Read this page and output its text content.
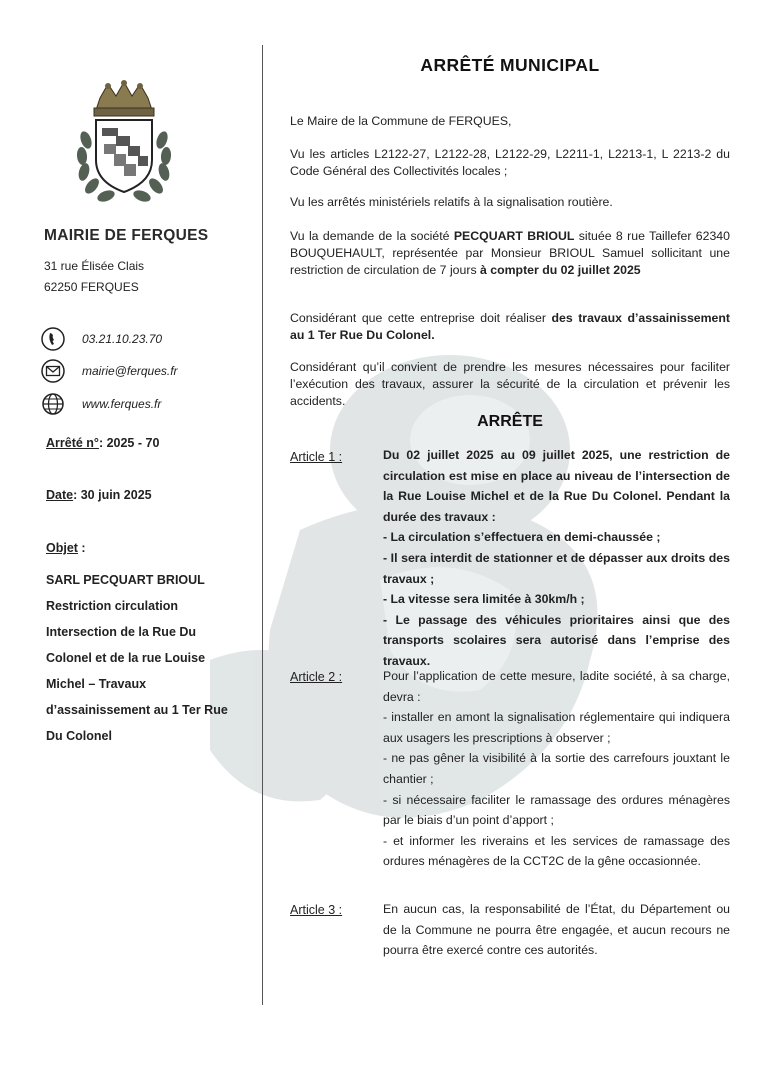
MAIRIE DE FERQUES
31 rue Élisée Clais
62250 FERQUES
03.21.10.23.70
mairie@ferques.fr
www.ferques.fr
Arrêté n°: 2025 - 70
Date: 30 juin 2025
Objet :
SARL PECQUART BRIOUL
Restriction circulation
Intersection de la Rue Du
Colonel et de la rue Louise
Michel – Travaux
d’assainissement au 1 Ter Rue
Du Colonel
ARRÊTÉ MUNICIPAL
Le Maire de la Commune de FERQUES,
Vu les articles L2122-27, L2122-28, L2122-29, L2211-1, L2213-1, L 2213-2 du Code Général des Collectivités locales ;
Vu les arrêtés ministériels relatifs à la signalisation routière.
Vu la demande de la société PECQUART BRIOUL située 8 rue Taillefer 62340 BOUQUEHAULT, représentée par Monsieur BRIOUL Samuel sollicitant une restriction de circulation de 7 jours à compter du 02 juillet 2025
Considérant que cette entreprise doit réaliser des travaux d’assainissement au 1 Ter Rue Du Colonel.
Considérant qu’il convient de prendre les mesures nécessaires pour faciliter l’exécution des travaux, assurer la sécurité de la circulation et prévenir les accidents.
ARRÊTE
Article 1 :	Du 02 juillet 2025 au 09 juillet 2025, une restriction de circulation est mise en place au niveau de l’intersection de la Rue Louise Michel et de la Rue Du Colonel. Pendant la durée des travaux :

- La circulation s’effectuera en demi-chaussée ;

- Il sera interdit de stationner et de dépasser aux droits des travaux ;

- La vitesse sera limitée à 30km/h ;

- Le passage des véhicules prioritaires ainsi que des transports scolaires sera autorisé dans l’emprise des travaux.

Article 2 :	Pour l’application de cette mesure, ladite société, à sa charge, devra :

- installer en amont la signalisation réglementaire qui indiquera aux usagers les prescriptions à observer ;

- ne pas gêner la visibilité à la sortie des carrefours jouxtant le chantier ;

- si nécessaire faciliter le ramassage des ordures ménagères par le biais d’un point d’apport ;

- et informer les riverains et les services de ramassage des ordures ménagères de la CCT2C de la gêne occasionnée.

Article 3 :	En aucun cas, la responsabilité de l’État, du Département ou de la Commune ne pourra être engagée, et aucun recours ne pourra être exercé contre ces autorités.
